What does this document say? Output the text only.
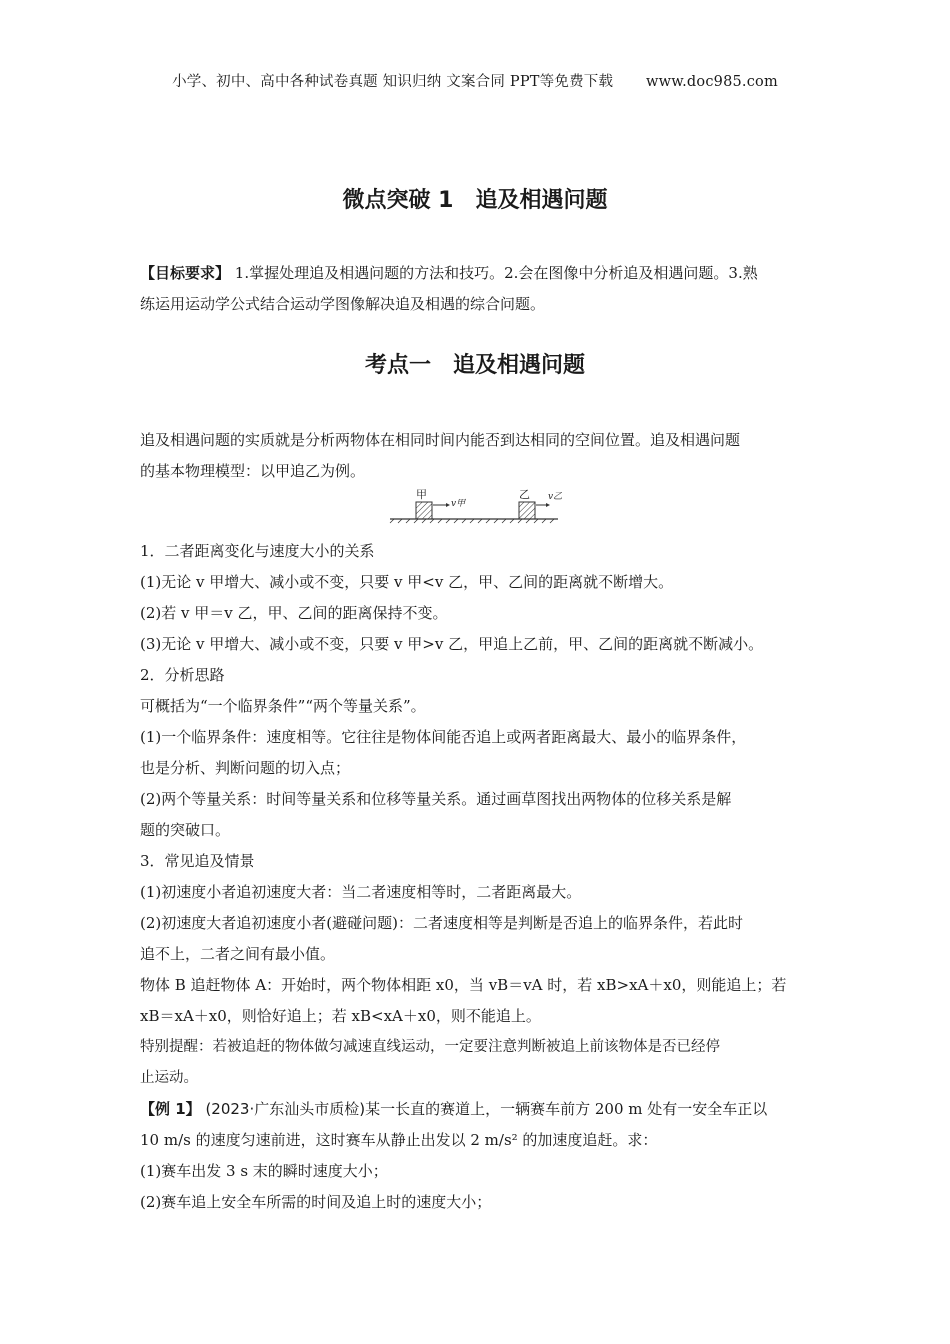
小学、初中、高中各种试卷真题 知识归纳 文案合同 PPT等免费下载 www.doc985.com
微点突破 1　追及相遇问题
【目标要求】 1.掌握处理追及相遇问题的方法和技巧。2.会在图像中分析追及相遇问题。3.熟
练运用运动学公式结合运动学图像解决追及相遇的综合问题。
考点一　追及相遇问题
追及相遇问题的实质就是分析两物体在相同时间内能否到达相同的空间位置。追及相遇问题
的基本物理模型：以甲追乙为例。
甲
v甲
乙 v乙

1．二者距离变化与速度大小的关系

(1)无论 v 甲增大、减小或不变，只要 v 甲<v 乙，甲、乙间的距离就不断增大。

(2)若 v 甲＝v 乙，甲、乙间的距离保持不变。

(3)无论 v 甲增大、减小或不变，只要 v 甲>v 乙，甲追上乙前，甲、乙间的距离就不断减小。

2．分析思路

可概括为“一个临界条件”“两个等量关系”。

(1)一个临界条件：速度相等。它往往是物体间能否追上或两者距离最大、最小的临界条件，

也是分析、判断问题的切入点；

(2)两个等量关系：时间等量关系和位移等量关系。通过画草图找出两物体的位移关系是解

题的突破口。

3．常见追及情景

(1)初速度小者追初速度大者：当二者速度相等时，二者距离最大。

(2)初速度大者追初速度小者(避碰问题)：二者速度相等是判断是否追上的临界条件，若此时

追不上，二者之间有最小值。

物体 B 追赶物体 A：开始时，两个物体相距 x0，当 vB＝vA 时，若 xB>xA＋x0，则能追上；若

xB＝xA＋x0，则恰好追上；若 xB<xA＋x0，则不能追上。

特别提醒：若被追赶的物体做匀减速直线运动，一定要注意判断被追上前该物体是否已经停

止运动。

【例 1】 (2023·广东汕头市质检)某一长直的赛道上，一辆赛车前方 200 m 处有一安全车正以

10 m/s 的速度匀速前进，这时赛车从静止出发以 2 m/s² 的加速度追赶。求：

(1)赛车出发 3 s 末的瞬时速度大小；

(2)赛车追上安全车所需的时间及追上时的速度大小；
